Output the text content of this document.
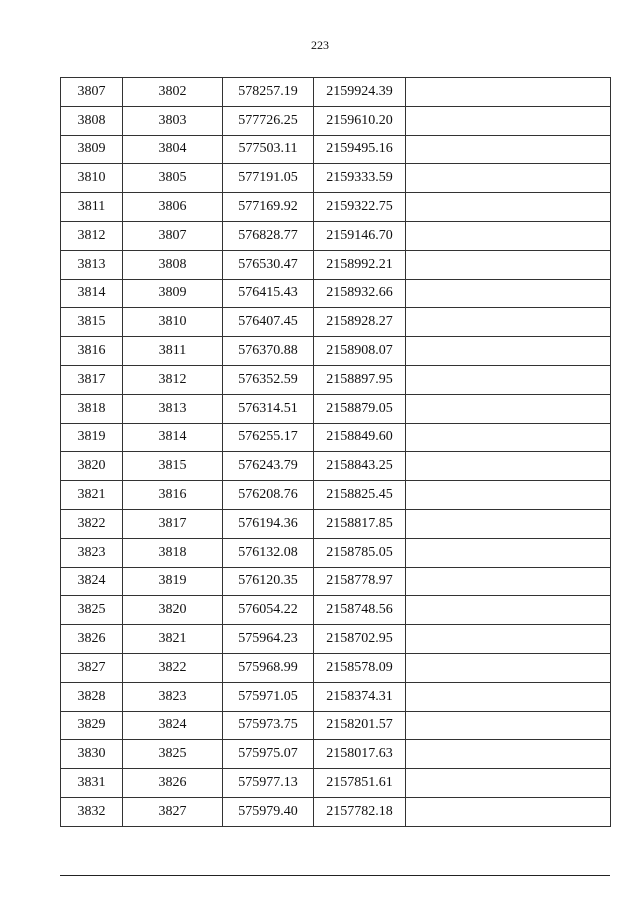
223
3807	3802	578257.19	2159924.39	
3808	3803	577726.25	2159610.20	
3809	3804	577503.11	2159495.16	
3810	3805	577191.05	2159333.59	
3811	3806	577169.92	2159322.75	
3812	3807	576828.77	2159146.70	
3813	3808	576530.47	2158992.21	
3814	3809	576415.43	2158932.66	
3815	3810	576407.45	2158928.27	
3816	3811	576370.88	2158908.07	
3817	3812	576352.59	2158897.95	
3818	3813	576314.51	2158879.05	
3819	3814	576255.17	2158849.60	
3820	3815	576243.79	2158843.25	
3821	3816	576208.76	2158825.45	
3822	3817	576194.36	2158817.85	
3823	3818	576132.08	2158785.05	
3824	3819	576120.35	2158778.97	
3825	3820	576054.22	2158748.56	
3826	3821	575964.23	2158702.95	
3827	3822	575968.99	2158578.09	
3828	3823	575971.05	2158374.31	
3829	3824	575973.75	2158201.57	
3830	3825	575975.07	2158017.63	
3831	3826	575977.13	2157851.61	
3832	3827	575979.40	2157782.18	
